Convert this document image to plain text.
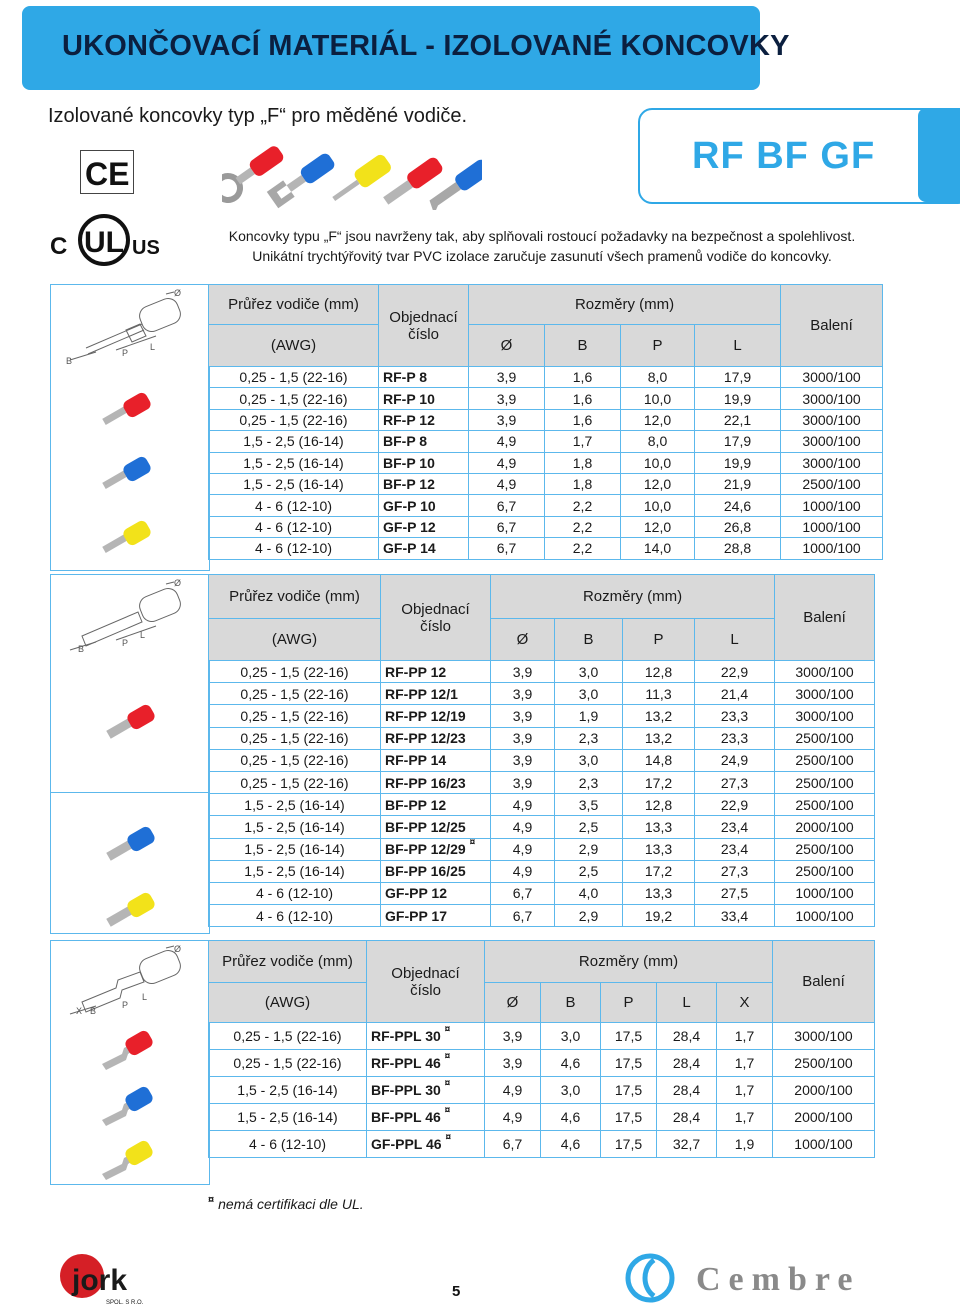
UKONČOVACÍ MATERIÁL - IZOLOVANÉ KONCOVKY
Izolované koncovky typ „F“ pro měděné vodiče.
RF BF GF
CE
UL
C	US
Koncovky typu „F“ jsou navrženy tak, aby splňovali rostoucí požadavky na bezpečnost a spolehlivost.
Unikátní trychtýřovitý tvar PVC izolace zaručuje zasunutí všech pramenů vodiče do koncovky.
Ø
B
P
L
Průřez vodiče (mm)	Objednací
číslo	Rozměry (mm)				Balení
(AWG)		Ø	B	P	L	
0,25 - 1,5 (22-16)	RF-P 8	3,9	1,6	8,0	17,9	3000/100
0,25 - 1,5 (22-16)	RF-P 10	3,9	1,6	10,0	19,9	3000/100
0,25 - 1,5 (22-16)	RF-P 12	3,9	1,6	12,0	22,1	3000/100
1,5 - 2,5 (16-14)	BF-P 8	4,9	1,7	8,0	17,9	3000/100
1,5 - 2,5 (16-14)	BF-P 10	4,9	1,8	10,0	19,9	3000/100
1,5 - 2,5 (16-14)	BF-P 12	4,9	1,8	12,0	21,9	2500/100
4 - 6 (12-10)	GF-P 10	6,7	2,2	10,0	24,6	1000/100
4 - 6 (12-10)	GF-P 12	6,7	2,2	12,0	26,8	1000/100
4 - 6 (12-10)	GF-P 14	6,7	2,2	14,0	28,8	1000/100
Ø
B
P
L
Průřez vodiče (mm)	Objednací
číslo	Rozměry (mm)				Balení
(AWG)		Ø	B	P	L	
0,25 - 1,5 (22-16)	RF-PP 12	3,9	3,0	12,8	22,9	3000/100
0,25 - 1,5 (22-16)	RF-PP 12/1	3,9	3,0	11,3	21,4	3000/100
0,25 - 1,5 (22-16)	RF-PP 12/19	3,9	1,9	13,2	23,3	3000/100
0,25 - 1,5 (22-16)	RF-PP 12/23	3,9	2,3	13,2	23,3	2500/100
0,25 - 1,5 (22-16)	RF-PP 14	3,9	3,0	14,8	24,9	2500/100
0,25 - 1,5 (22-16)	RF-PP 16/23	3,9	2,3	17,2	27,3	2500/100
1,5 - 2,5 (16-14)	BF-PP 12	4,9	3,5	12,8	22,9	2500/100
1,5 - 2,5 (16-14)	BF-PP 12/25	4,9	2,5	13,3	23,4	2000/100
1,5 - 2,5 (16-14)	BF-PP 12/29 ¤	4,9	2,9	13,3	23,4	2500/100
1,5 - 2,5 (16-14)	BF-PP 16/25	4,9	2,5	17,2	27,3	2500/100
4 - 6 (12-10)	GF-PP 12	6,7	4,0	13,3	27,5	1000/100
4 - 6 (12-10)	GF-PP 17	6,7	2,9	19,2	33,4	1000/100
Ø
X B
P
L
Průřez vodiče (mm)	Objednací
číslo	Rozměry (mm)					Balení
(AWG)		Ø	B	P	L	X	
0,25 - 1,5 (22-16)	RF-PPL 30 ¤	3,9	3,0	17,5	28,4	1,7	3000/100
0,25 - 1,5 (22-16)	RF-PPL 46 ¤	3,9	4,6	17,5	28,4	1,7	2500/100
1,5 - 2,5 (16-14)	BF-PPL 30 ¤	4,9	3,0	17,5	28,4	1,7	2000/100
1,5 - 2,5 (16-14)	BF-PPL 46 ¤	4,9	4,6	17,5	28,4	1,7	2000/100
4 - 6 (12-10)	GF-PPL 46 ¤	6,7	4,6	17,5	32,7	1,9	1000/100
¤ nemá certifikaci dle UL.
jork
SPOL. S R.O.
5	Cembre
